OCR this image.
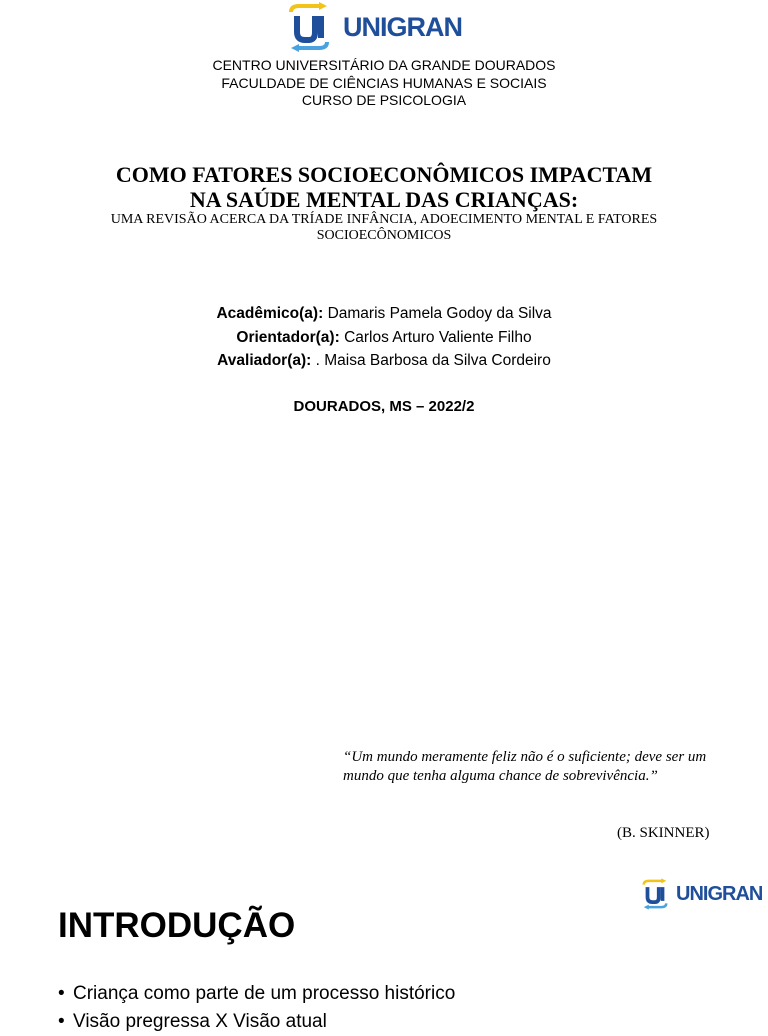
UNIGRAN
CENTRO UNIVERSITÁRIO DA GRANDE DOURADOS
FACULDADE DE CIÊNCIAS HUMANAS E SOCIAIS
CURSO DE PSICOLOGIA
COMO FATORES SOCIOECONÔMICOS IMPACTAM
NA SAÚDE MENTAL DAS CRIANÇAS:
UMA REVISÃO ACERCA DA TRÍADE INFÂNCIA, ADOECIMENTO MENTAL E FATORES SOCIOECÔNOMICOS
Acadêmico(a): Damaris Pamela Godoy da Silva
Orientador(a): Carlos Arturo Valiente Filho
Avaliador(a): . Maisa Barbosa da Silva Cordeiro
DOURADOS, MS – 2022/2
“Um mundo meramente feliz não é o suficiente; deve ser um mundo que tenha alguma chance de sobrevivência.”
(B. SKINNER)
UNIGRAN
INTRODUÇÃO
• Criança como parte de um processo histórico
• Visão pregressa X Visão atual
